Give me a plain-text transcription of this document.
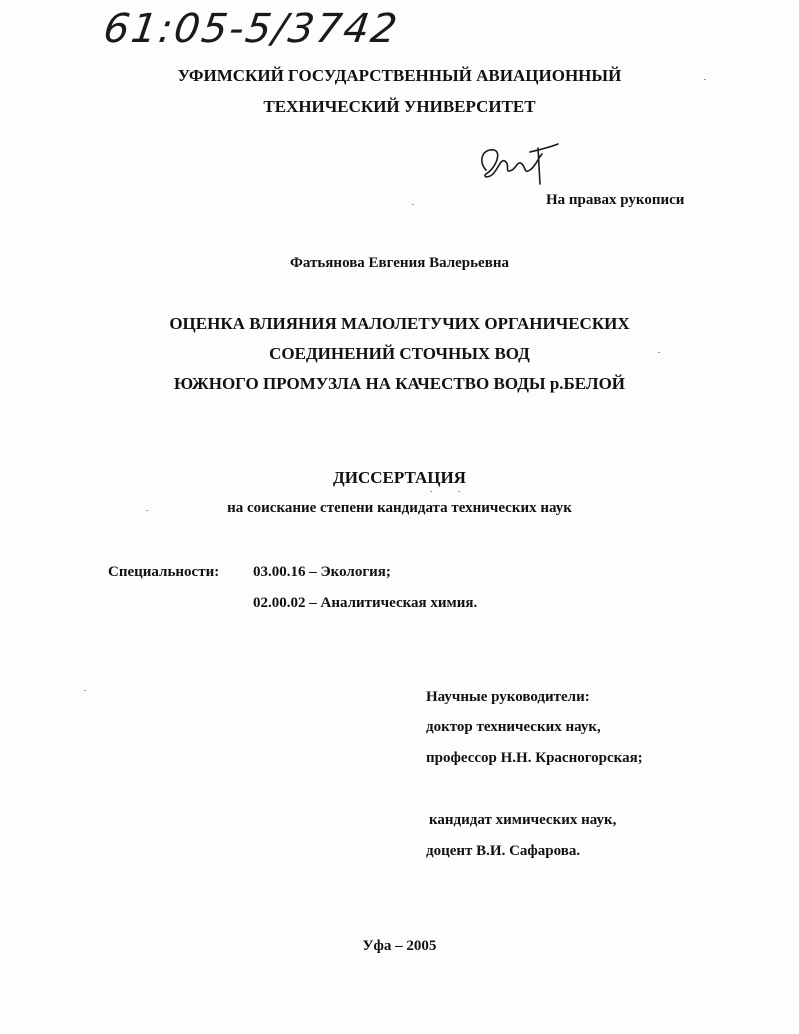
61:05-5/3742
УФИМСКИЙ ГОСУДАРСТВЕННЫЙ АВИАЦИОННЫЙ
ТЕХНИЧЕСКИЙ УНИВЕРСИТЕТ
На правах рукописи
Фатьянова Евгения Валерьевна
ОЦЕНКА ВЛИЯНИЯ МАЛОЛЕТУЧИХ ОРГАНИЧЕСКИХ
СОЕДИНЕНИЙ СТОЧНЫХ ВОД
ЮЖНОГО ПРОМУЗЛА НА КАЧЕСТВО ВОДЫ р.БЕЛОЙ
ДИССЕРТАЦИЯ
на соискание степени кандидата технических наук
Специальности: 03.00.16 – Экология;
02.00.02 – Аналитическая химия.
Научные руководители:
доктор технических наук,
профессор Н.Н. Красногорская;
кандидат химических наук,
доцент В.И. Сафарова.
Уфа – 2005
